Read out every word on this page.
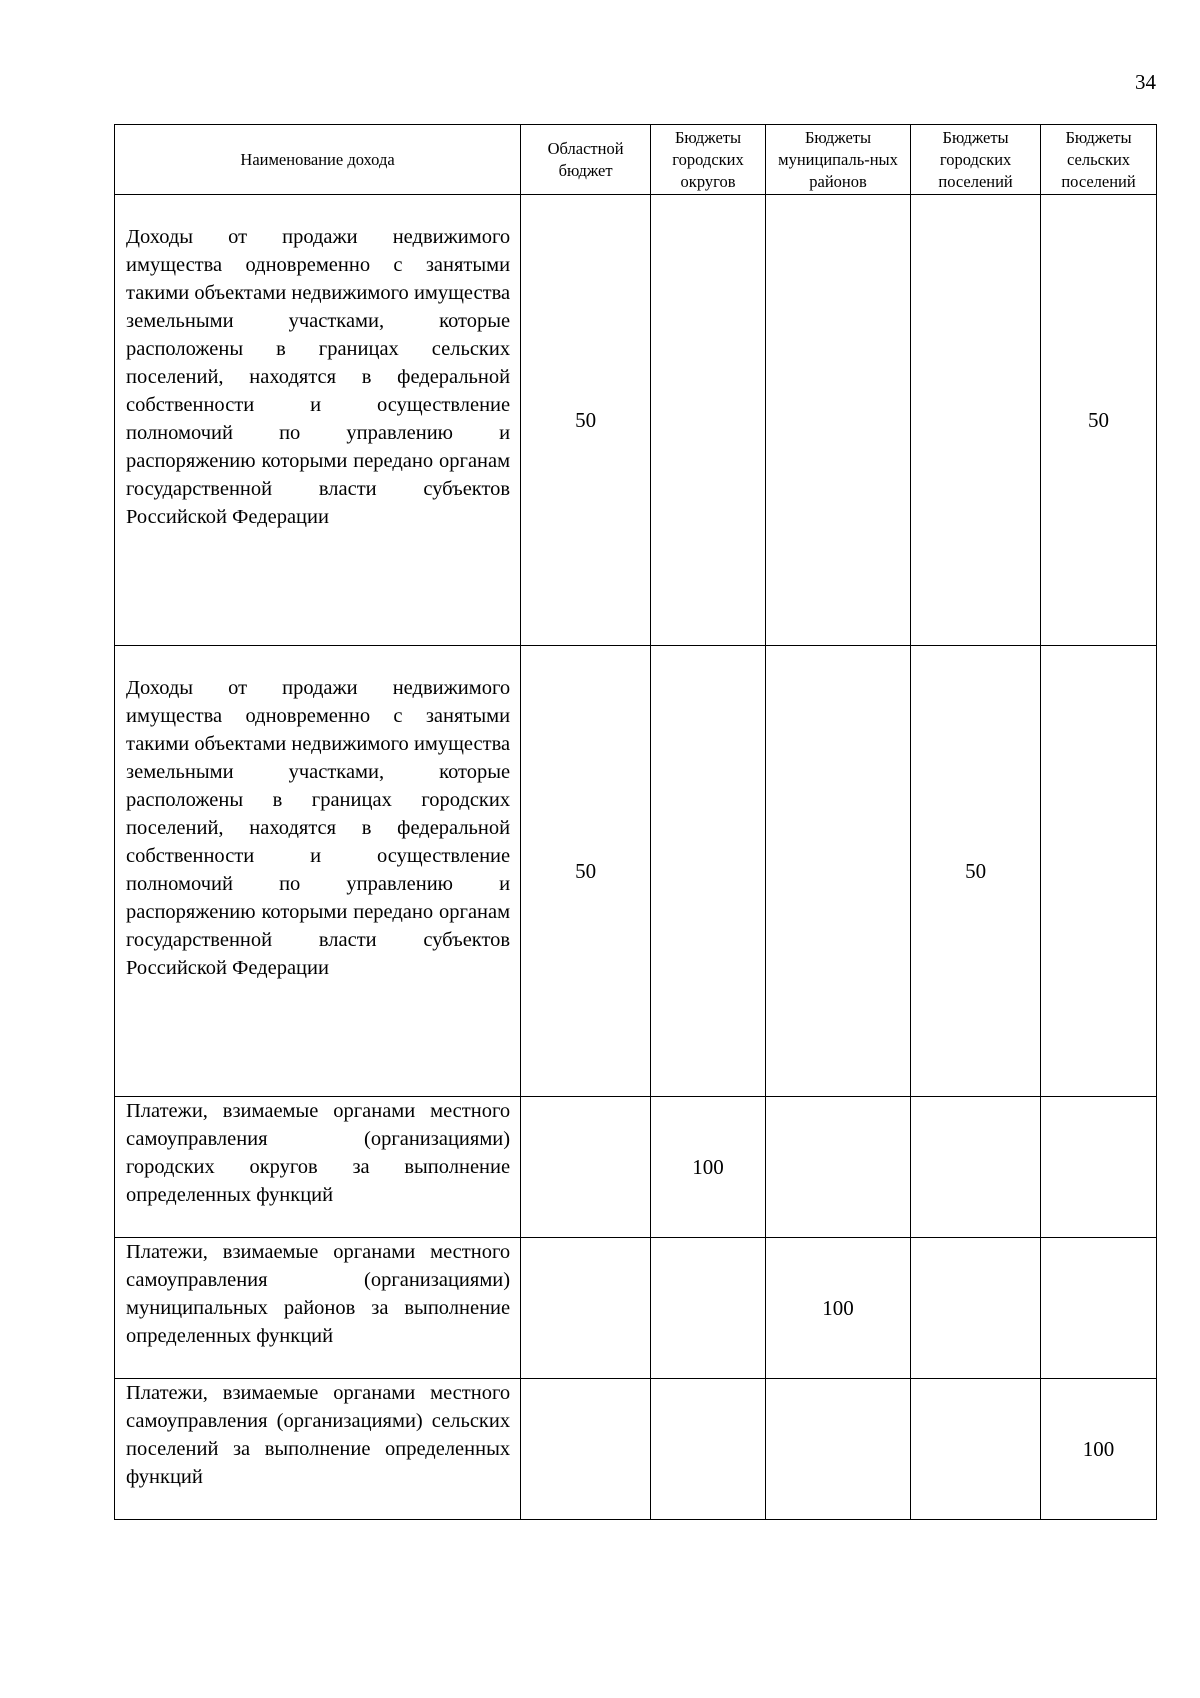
34
Наименование дохода	Областной бюджет	Бюджеты городских округов	Бюджеты муниципаль-ных районов	Бюджеты городских поселений	Бюджеты сельских поселений
Доходы от продажи недвижимого имущества одновременно с занятыми такими объектами недвижимого имущества земельными участками, которые расположены в границах сельских поселений, находятся в федеральной собственности и осуществление полномочий по управлению и распоряжению которыми передано органам государственной власти субъектов Российской Федерации	50				50
Доходы от продажи недвижимого имущества одновременно с занятыми такими объектами недвижимого имущества земельными участками, которые расположены в границах городских поселений, находятся в федеральной собственности и осуществление полномочий по управлению и распоряжению которыми передано органам государственной власти субъектов Российской Федерации	50			50	
Платежи, взимаемые органами местного самоуправления (организациями) городских округов за выполнение определенных функций		100			
Платежи, взимаемые органами местного самоуправления (организациями) муниципальных районов за выполнение определенных функций			100		
Платежи, взимаемые органами местного самоуправления (организациями) сельских поселений за выполнение определенных функций					100
